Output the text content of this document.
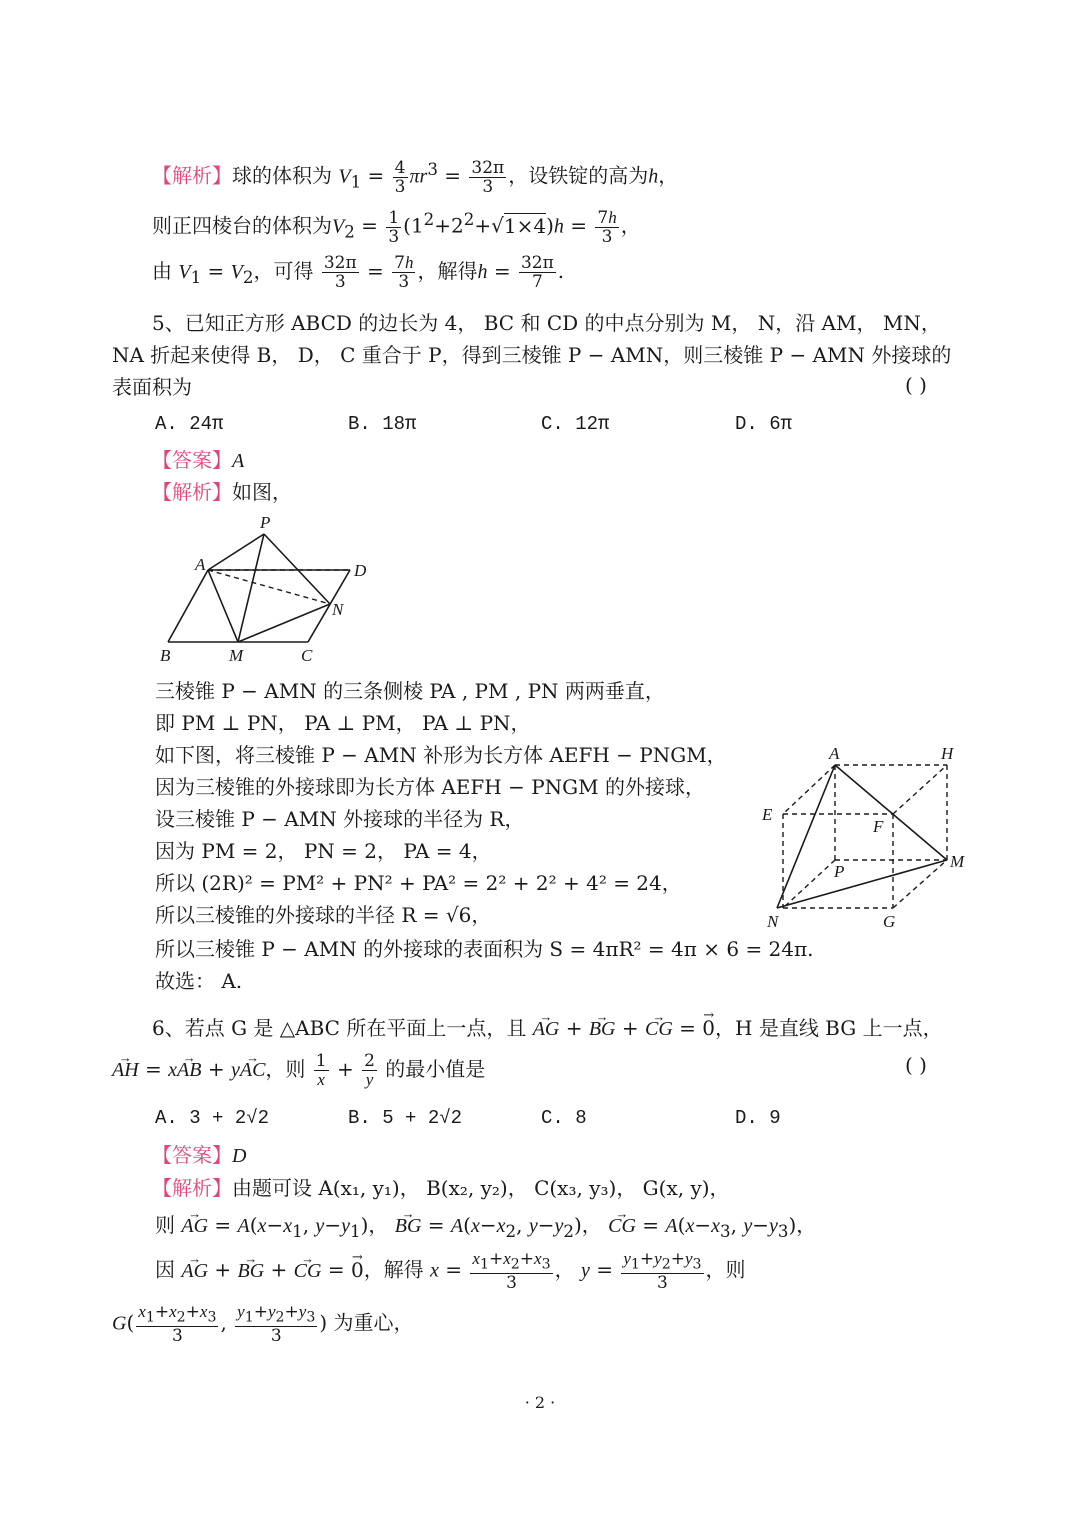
【解析】球的体积为 $V_1 = \frac{4}{3} \pi r^3 = \frac{32\pi}{3}$ ，设铁锭的高为h，
则正四棱台的体积为$V_2 = \frac{1}{3} (1^2+2^2+√1\times 4)h = \frac{7h}{3}$ ，
由 $V_1 = V_2$，可得 $\frac{32\pi}{3} = \frac{7h}{3}$ ，解得$h = \frac{32\pi}{7}$ .
5、已知正方形 ABCD 的边长为 4， BC 和 CD 的中点分别为 M， N，沿 AM， MN，
NA 折起来使得 B， D， C 重合于 P，得到三棱锥 P − AMN，则三棱锥 P − AMN 外接球的
表面积为	( )
A. 24π	B. 18π	C. 12π	D. 6π
【答案】A
【解析】如图，
P
A	D
N
B	M	C
三棱锥 P − AMN 的三条侧棱 PA , PM , PN 两两垂直，
即 PM ⊥ PN， PA ⊥ PM， PA ⊥ PN，
如下图，将三棱锥 P − AMN 补形为长方体 AEFH − PNGM，
因为三棱锥的外接球即为长方体 AEFH − PNGM 的外接球，
设三棱锥 P − AMN 外接球的半径为 R，
因为 PM = 2， PN = 2， PA = 4，
所以 (2R)² = PM² + PN² + PA² = 2² + 2² + 4² = 24，
所以三棱锥的外接球的半径 R = √6，
所以三棱锥 P − AMN 的外接球的表面积为 S = 4πR² = 4π × 6 = 24π.
故选： A.
A	H
E
F
P
M
N	G
6、若点 G 是 △ABC 所在平面上一点，且 → AG + → BG + → CG = → 0，H 是直线 BG 上一点，
→ AH = x→ AB + y→ AC，则 $\frac{1}{x} + \frac{2}{y}$ 的最小值是	( )
A. 3 + 2√2	B. 5 + 2√2	C. 8	D. 9
【答案】D
【解析】由题可设 A(x₁, y₁)， B(x₂, y₂)， C(x₃, y₃)， G(x, y)，
则 → AG = $A(x-x_1$, $y-y_1$)， → BG = $A(x-x_2$, $y-y_2$)， → CG = $A(x-x_3$, $y-y_3$)，
因 → AG + → BG + → CG = → 0，解得 $x = \frac{x_1+x_2+x_3}{3}$ ， $y = \frac{y_1+y_2+y_3}{3}$ ，则
$G( \frac{x_1+x_2+x_3}{3}$ , $\frac{y_1+y_2+y_3}{3}$ ) 为重心，
· 2 ·
